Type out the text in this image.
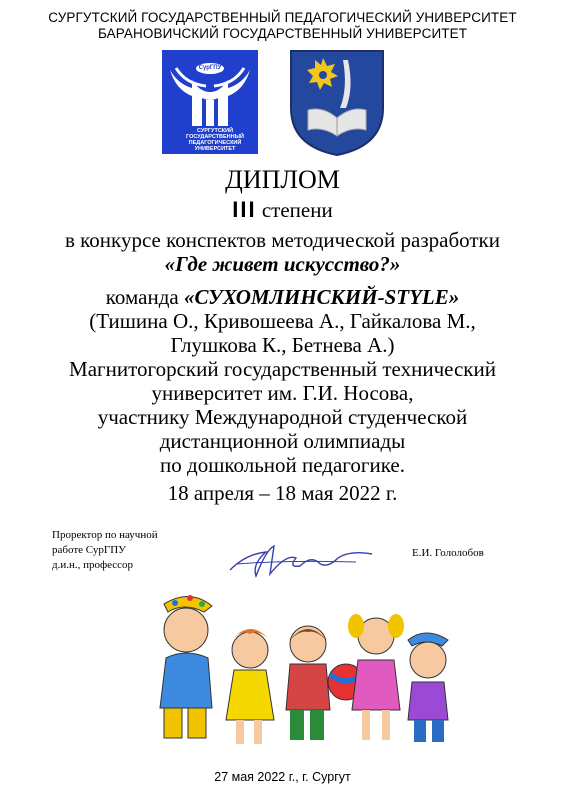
СУРГУТСКИЙ ГОСУДАРСТВЕННЫЙ ПЕДАГОГИЧЕСКИЙ УНИВЕРСИТЕТ
БАРАНОВИЧСКИЙ ГОСУДАРСТВЕННЫЙ УНИВЕРСИТЕТ
СурГПУ
СУРГУТСКИЙ
ГОСУДАРСТВЕННЫЙ
ПЕДАГОГИЧЕСКИЙ
УНИВЕРСИТЕТ
ДИПЛОМ
III степени
в конкурсе конспектов методической разработки
«Где живет искусство?»
команда «СУХОМЛИНСКИЙ-STYLE»
(Тишина О., Кривошеева А., Гайкалова М.,
Глушкова К., Бетнева А.)
Магнитогорский государственный технический
университет им. Г.И. Носова,
участнику Международной студенческой
дистанционной олимпиады
по дошкольной педагогике.
18 апреля – 18 мая 2022 г.
Проректор по научной
работе СурГПУ
д.и.н., профессор
Е.И. Гололобов
27 мая 2022 г., г. Сургут
